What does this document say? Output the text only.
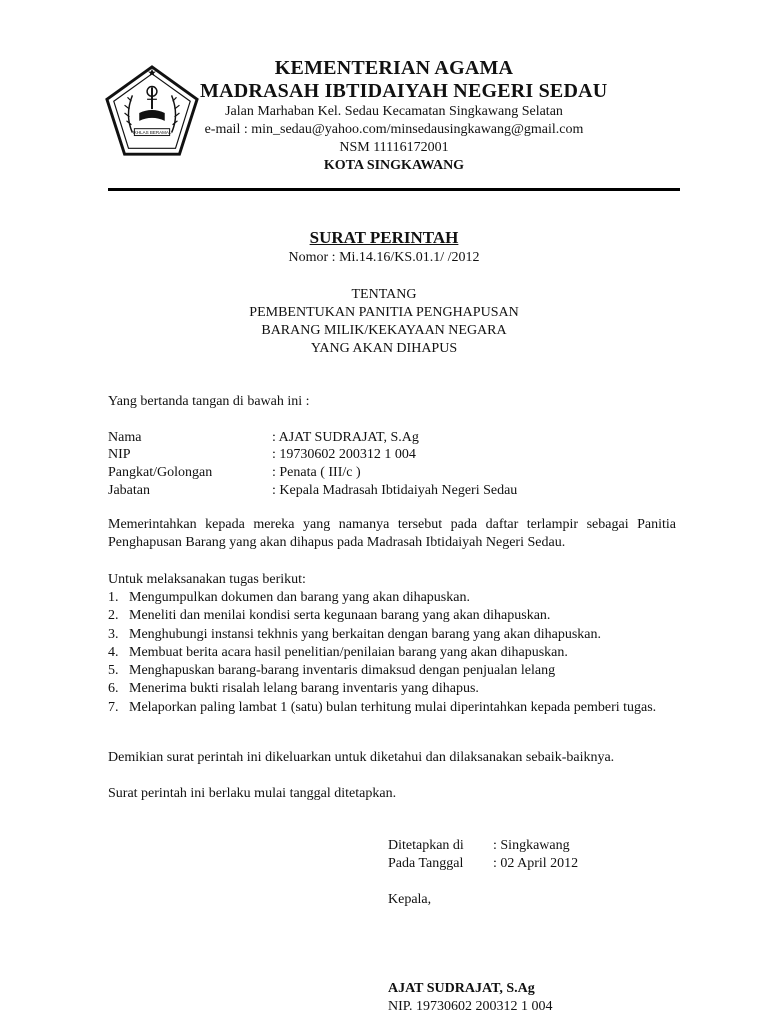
IKHLAS BERAMAL
KEMENTERIAN AGAMA
MADRASAH IBTIDAIYAH NEGERI SEDAU
Jalan Marhaban Kel. Sedau Kecamatan Singkawang Selatan
e-mail : min_sedau@yahoo.com/minsedausingkawang@gmail.com
NSM 11116172001
KOTA SINGKAWANG
SURAT PERINTAH
Nomor : Mi.14.16/KS.01.1/ /2012
TENTANG
PEMBENTUKAN PANITIA PENGHAPUSAN
BARANG MILIK/KEKAYAAN NEGARA
YANG AKAN DIHAPUS
Yang bertanda tangan di bawah ini :
Nama	: AJAT SUDRAJAT, S.Ag
NIP	: 19730602 200312 1 004
Pangkat/Golongan	: Penata ( III/c )
Jabatan	: Kepala Madrasah Ibtidaiyah Negeri Sedau
Memerintahkan kepada mereka yang namanya tersebut pada daftar terlampir sebagai Panitia Penghapusan Barang yang akan dihapus pada Madrasah Ibtidaiyah Negeri Sedau.
Untuk melaksanakan tugas berikut:
1. Mengumpulkan dokumen dan barang yang akan dihapuskan.
2. Meneliti dan menilai kondisi serta kegunaan barang yang akan dihapuskan.
3. Menghubungi instansi tekhnis yang berkaitan dengan barang yang akan dihapuskan.
4. Membuat berita acara hasil penelitian/penilaian barang yang akan dihapuskan.
5. Menghapuskan barang-barang inventaris dimaksud dengan penjualan lelang
6. Menerima bukti risalah lelang barang inventaris yang dihapus.
7. Melaporkan paling lambat 1 (satu) bulan terhitung mulai diperintahkan kepada pemberi tugas.
Demikian surat perintah ini dikeluarkan untuk diketahui dan dilaksanakan sebaik-baiknya.
Surat perintah ini berlaku mulai tanggal ditetapkan.
Ditetapkan di : Singkawang
Pada Tanggal : 02 April 2012
Kepala,
AJAT SUDRAJAT, S.Ag
NIP. 19730602 200312 1 004
